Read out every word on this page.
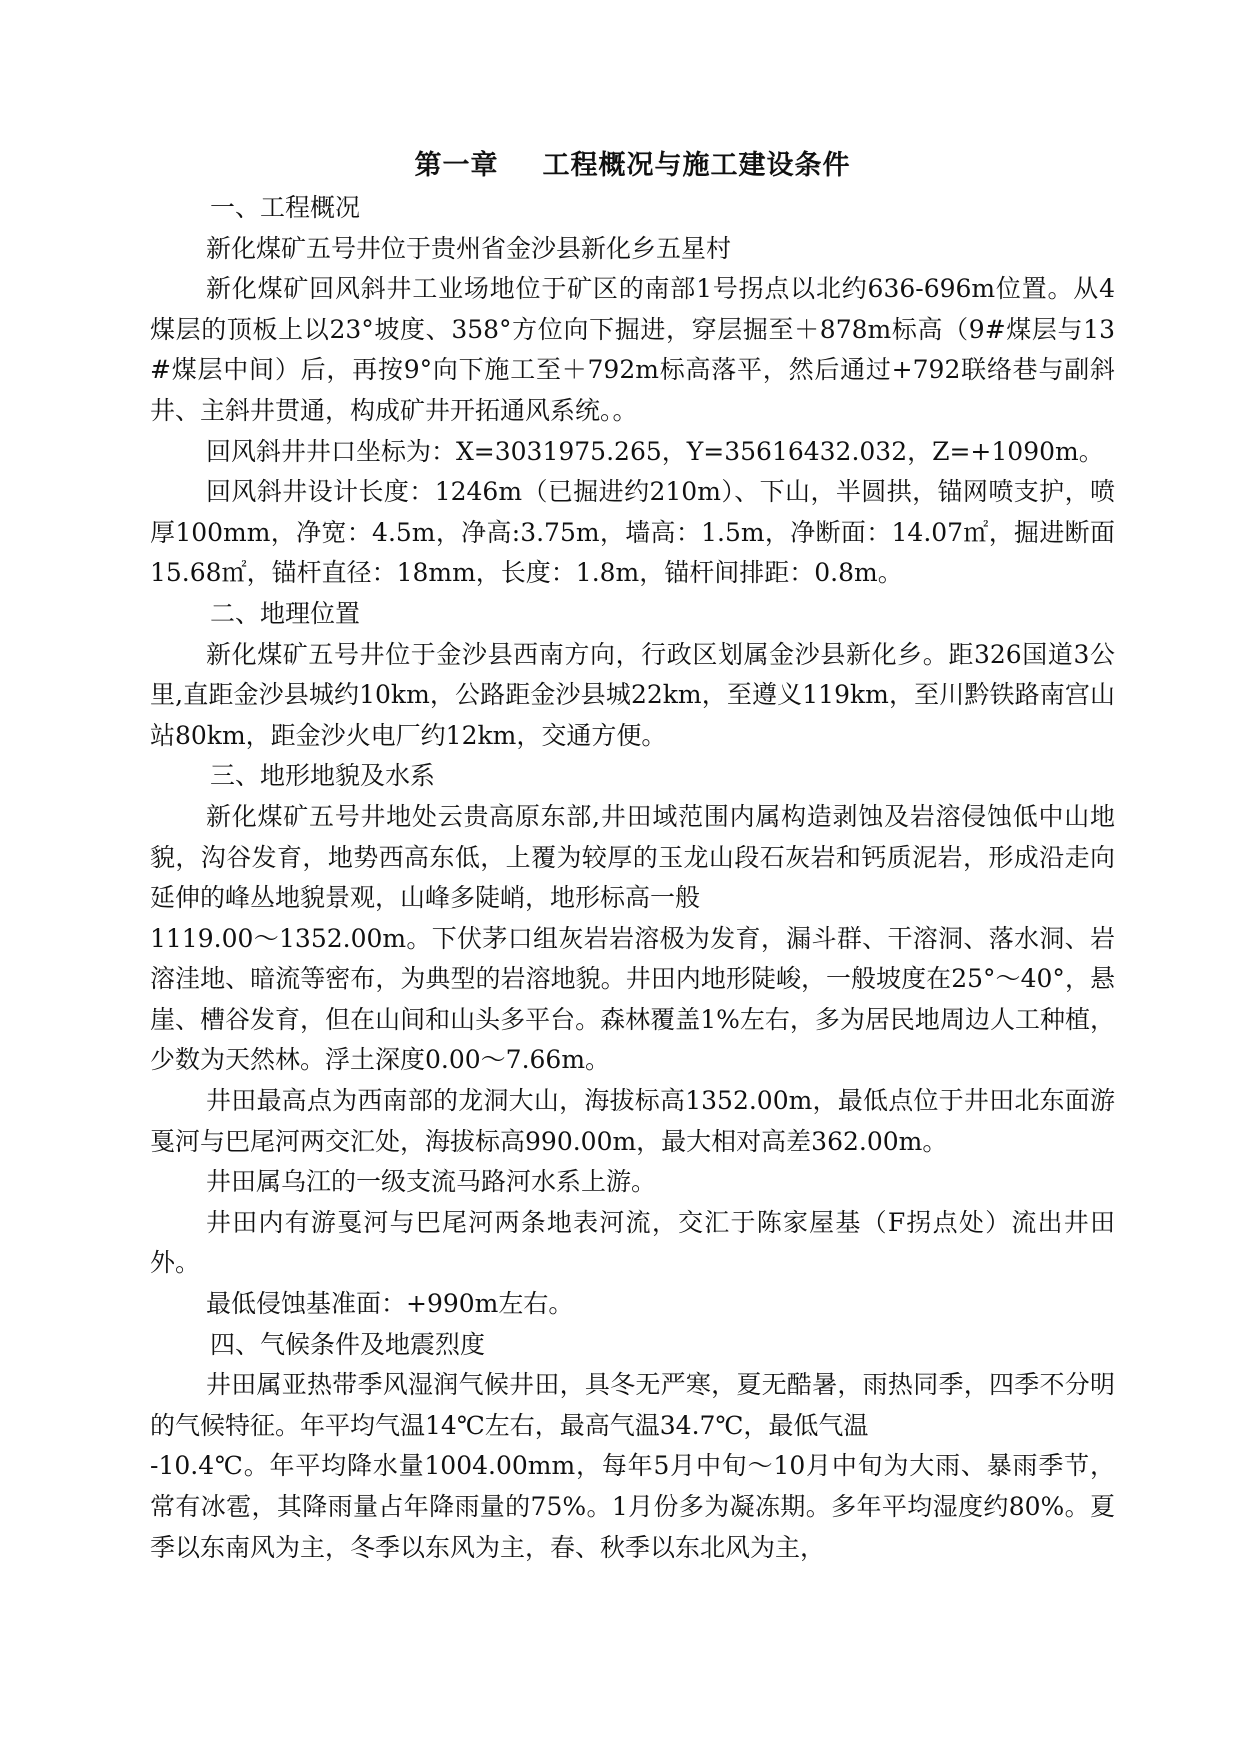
第一章 工程概况与施工建设条件

一、工程概况

新化煤矿五号井位于贵州省金沙县新化乡五星村

新化煤矿回风斜井工业场地位于矿区的南部1号拐点以北约636-696m位置。从4煤层的顶板上以23°坡度、358°方位向下掘进，穿层掘至＋878m标高（9#煤层与13#煤层中间）后，再按9°向下施工至＋792m标高落平，然后通过+792联络巷与副斜井、主斜井贯通，构成矿井开拓通风系统。。

回风斜井井口坐标为：X=3031975.265，Y=35616432.032，Z=+1090m。

回风斜井设计长度：1246m（已掘进约210m）、下山，半圆拱，锚网喷支护，喷厚100mm，净宽：4.5m，净高:3.75m，墙高：1.5m，净断面：14.07㎡，掘进断面15.68㎡，锚杆直径：18mm，长度：1.8m，锚杆间排距：0.8m。

二、地理位置

新化煤矿五号井位于金沙县西南方向，行政区划属金沙县新化乡。距326国道3公里,直距金沙县城约10km，公路距金沙县城22km，至遵义119km，至川黔铁路南宫山站80km，距金沙火电厂约12km，交通方便。

三、地形地貌及水系

新化煤矿五号井地处云贵高原东部,井田域范围内属构造剥蚀及岩溶侵蚀低中山地貌，沟谷发育，地势西高东低，上覆为较厚的玉龙山段石灰岩和钙质泥岩，形成沿走向延伸的峰丛地貌景观，山峰多陡峭，地形标高一般
1119.00～1352.00m。下伏茅口组灰岩岩溶极为发育，漏斗群、干溶洞、落水洞、岩溶洼地、暗流等密布，为典型的岩溶地貌。井田内地形陡峻，一般坡度在25°～40°，悬崖、槽谷发育，但在山间和山头多平台。森林覆盖1%左右，多为居民地周边人工种植，少数为天然林。浮土深度0.00～7.66m。

井田最高点为西南部的龙洞大山，海拔标高1352.00m，最低点位于井田北东面游戛河与巴尾河两交汇处，海拔标高990.00m，最大相对高差362.00m。

井田属乌江的一级支流马路河水系上游。

井田内有游戛河与巴尾河两条地表河流，交汇于陈家屋基（F拐点处）流出井田外。

最低侵蚀基准面：+990m左右。

四、气候条件及地震烈度

井田属亚热带季风湿润气候井田，具冬无严寒，夏无酷暑，雨热同季，四季不分明的气候特征。年平均气温14℃左右，最高气温34.7℃，最低气温
-10.4℃。年平均降水量1004.00mm，每年5月中旬～10月中旬为大雨、暴雨季节，常有冰雹，其降雨量占年降雨量的75%。1月份多为凝冻期。多年平均湿度约80%。夏季以东南风为主，冬季以东风为主，春、秋季以东北风为主，
